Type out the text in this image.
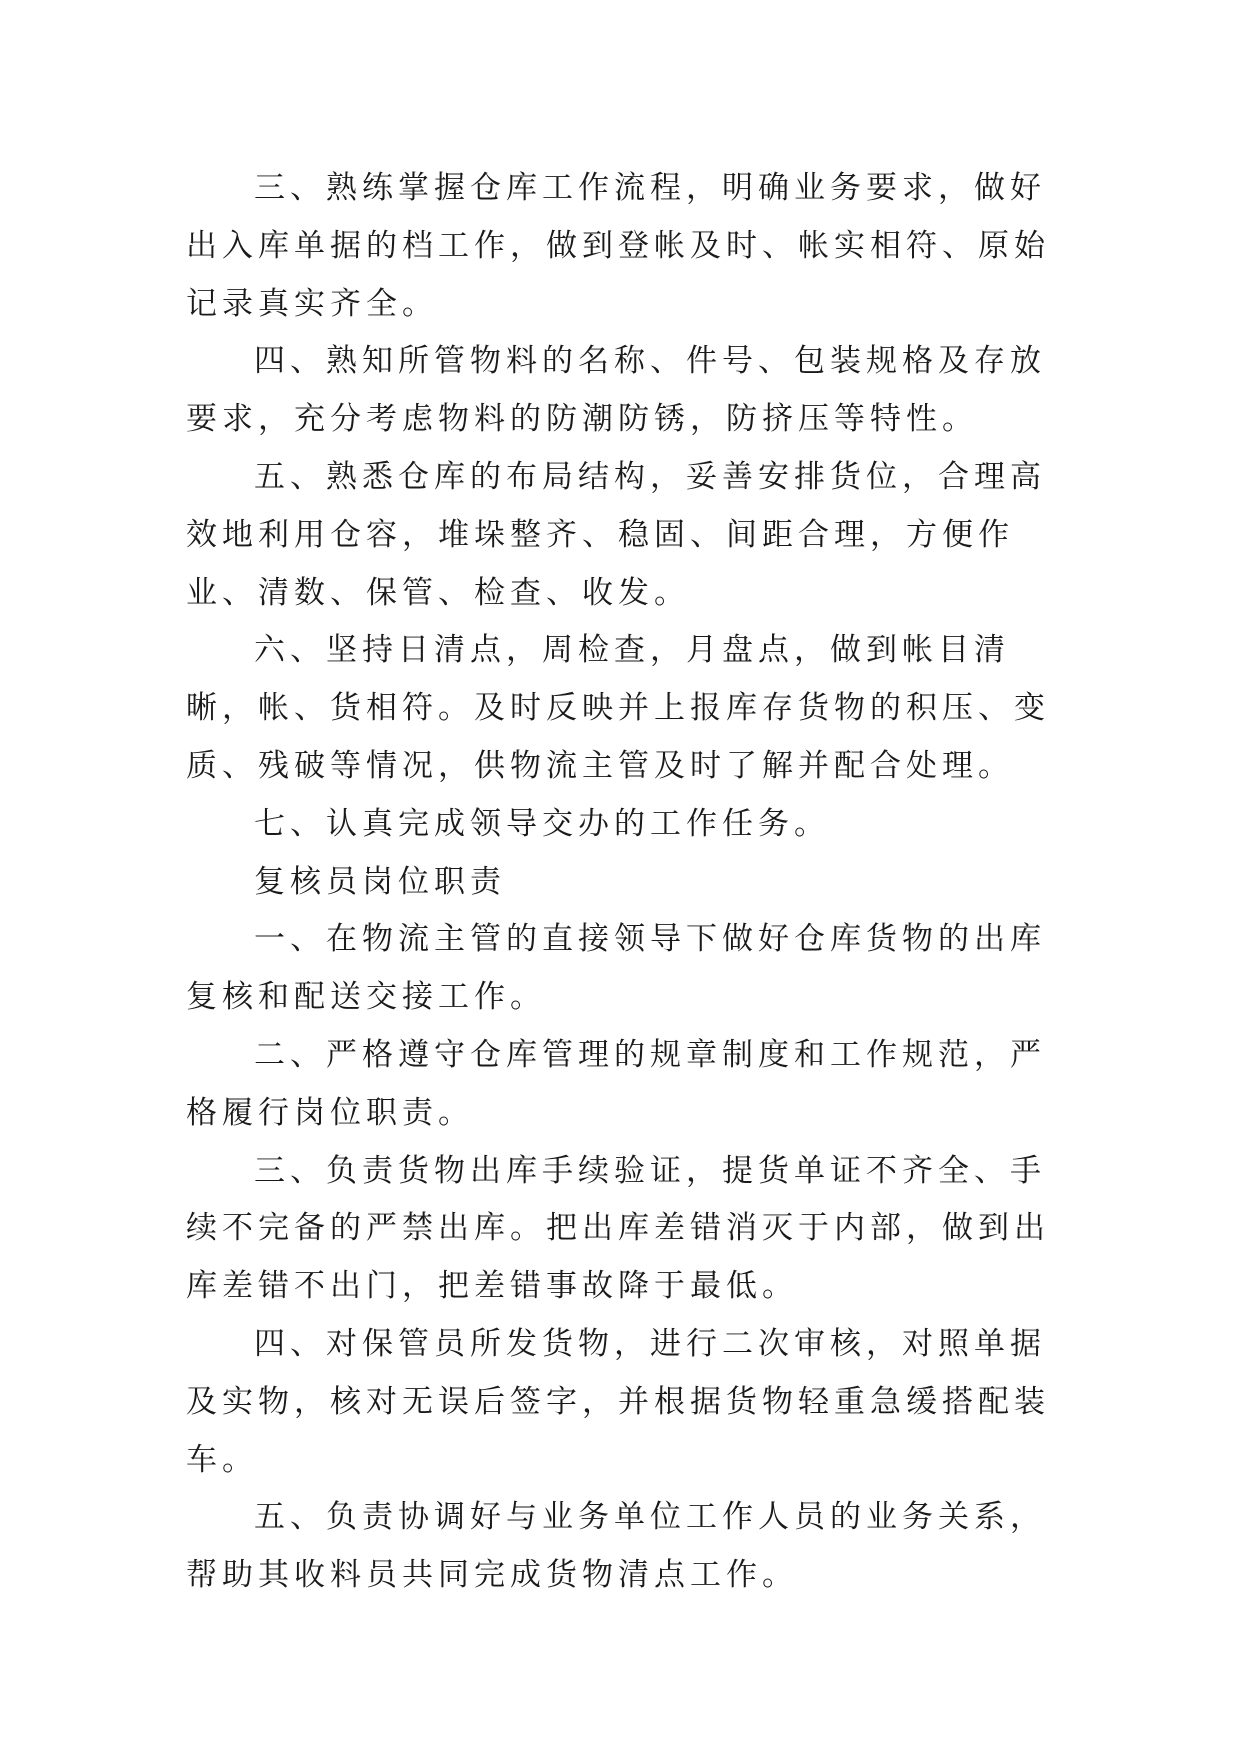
三、熟练掌握仓库工作流程，明确业务要求，做好出入库单据的档工作，做到登帐及时、帐实相符、原始记录真实齐全。

四、熟知所管物料的名称、件号、包装规格及存放要求，充分考虑物料的防潮防锈，防挤压等特性。

五、熟悉仓库的布局结构，妥善安排货位，合理高效地利用仓容，堆垛整齐、稳固、间距合理，方便作业、清数、保管、检查、收发。

六、坚持日清点，周检查，月盘点，做到帐目清晰，帐、货相符。及时反映并上报库存货物的积压、变质、残破等情况，供物流主管及时了解并配合处理。

七、认真完成领导交办的工作任务。

复核员岗位职责

一、在物流主管的直接领导下做好仓库货物的出库复核和配送交接工作。

二、严格遵守仓库管理的规章制度和工作规范，严格履行岗位职责。

三、负责货物出库手续验证，提货单证不齐全、手续不完备的严禁出库。把出库差错消灭于内部，做到出库差错不出门，把差错事故降于最低。

四、对保管员所发货物，进行二次审核，对照单据及实物，核对无误后签字，并根据货物轻重急缓搭配装车。

五、负责协调好与业务单位工作人员的业务关系，帮助其收料员共同完成货物清点工作。
